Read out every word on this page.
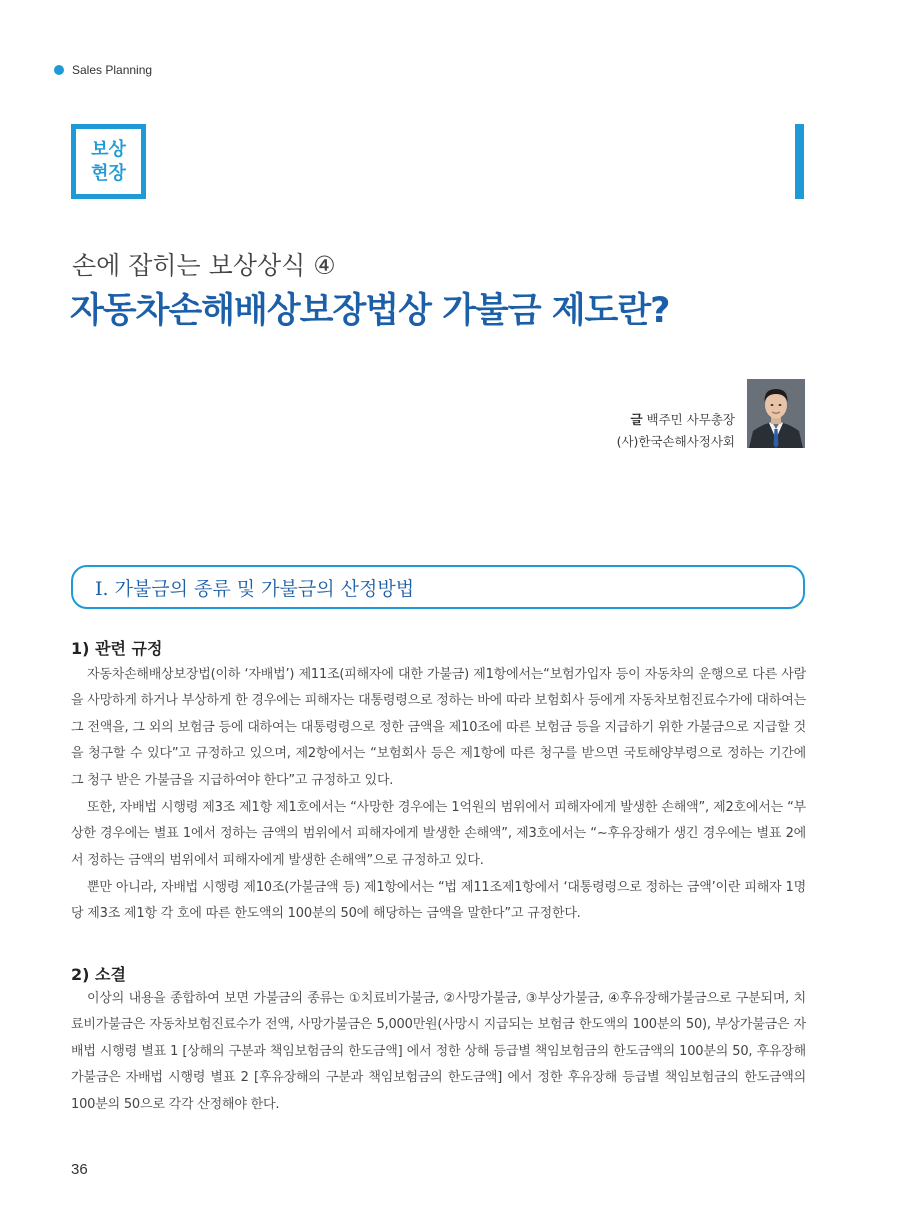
Sales Planning
보상
현장
손에 잡히는 보상상식 ④
자동차손해배상보장법상 가불금 제도란?
글 백주민 사무총장
(사)한국손해사정사회
Ⅰ. 가불금의 종류 및 가불금의 산정방법
1) 관련 규정

자동차손해배상보장법(이하 ‘자배법’) 제11조(피해자에 대한 가불금) 제1항에서는“보험가입자 등이 자동차의 운행으로 다른 사람을 사망하게 하거나 부상하게 한 경우에는 피해자는 대통령령으로 정하는 바에 따라 보험회사 등에게 자동차보험진료수가에 대하여는 그 전액을, 그 외의 보험금 등에 대하여는 대통령령으로 정한 금액을 제10조에 따른 보험금 등을 지급하기 위한 가불금으로 지급할 것을 청구할 수 있다”고 규정하고 있으며, 제2항에서는 “보험회사 등은 제1항에 따른 청구를 받으면 국토해양부령으로 정하는 기간에 그 청구 받은 가불금을 지급하여야 한다”고 규정하고 있다.

또한, 자배법 시행령 제3조 제1항 제1호에서는 “사망한 경우에는 1억원의 범위에서 피해자에게 발생한 손해액”, 제2호에서는 “부상한 경우에는 별표 1에서 정하는 금액의 범위에서 피해자에게 발생한 손해액”, 제3호에서는 “∼후유장해가 생긴 경우에는 별표 2에서 정하는 금액의 범위에서 피해자에게 발생한 손해액”으로 규정하고 있다.

뿐만 아니라, 자배법 시행령 제10조(가불금액 등) 제1항에서는 “법 제11조제1항에서 ‘대통령령으로 정하는 금액’이란 피해자 1명당 제3조 제1항 각 호에 따른 한도액의 100분의 50에 해당하는 금액을 말한다”고 규정한다.

2) 소결

이상의 내용을 종합하여 보면 가불금의 종류는 ①치료비가불금, ②사망가불금, ③부상가불금, ④후유장해가불금으로 구분되며, 치료비가불금은 자동차보험진료수가 전액, 사망가불금은 5,000만원(사망시 지급되는 보험금 한도액의 100분의 50), 부상가불금은 자배법 시행령 별표 1 [상해의 구분과 책임보험금의 한도금액] 에서 정한 상해 등급별 책임보험금의 한도금액의 100분의 50, 후유장해가불금은 자배법 시행령 별표 2 [후유장해의 구분과 책임보험금의 한도금액] 에서 정한 후유장해 등급별 책임보험금의 한도금액의 100분의 50으로 각각 산정해야 한다.

36
